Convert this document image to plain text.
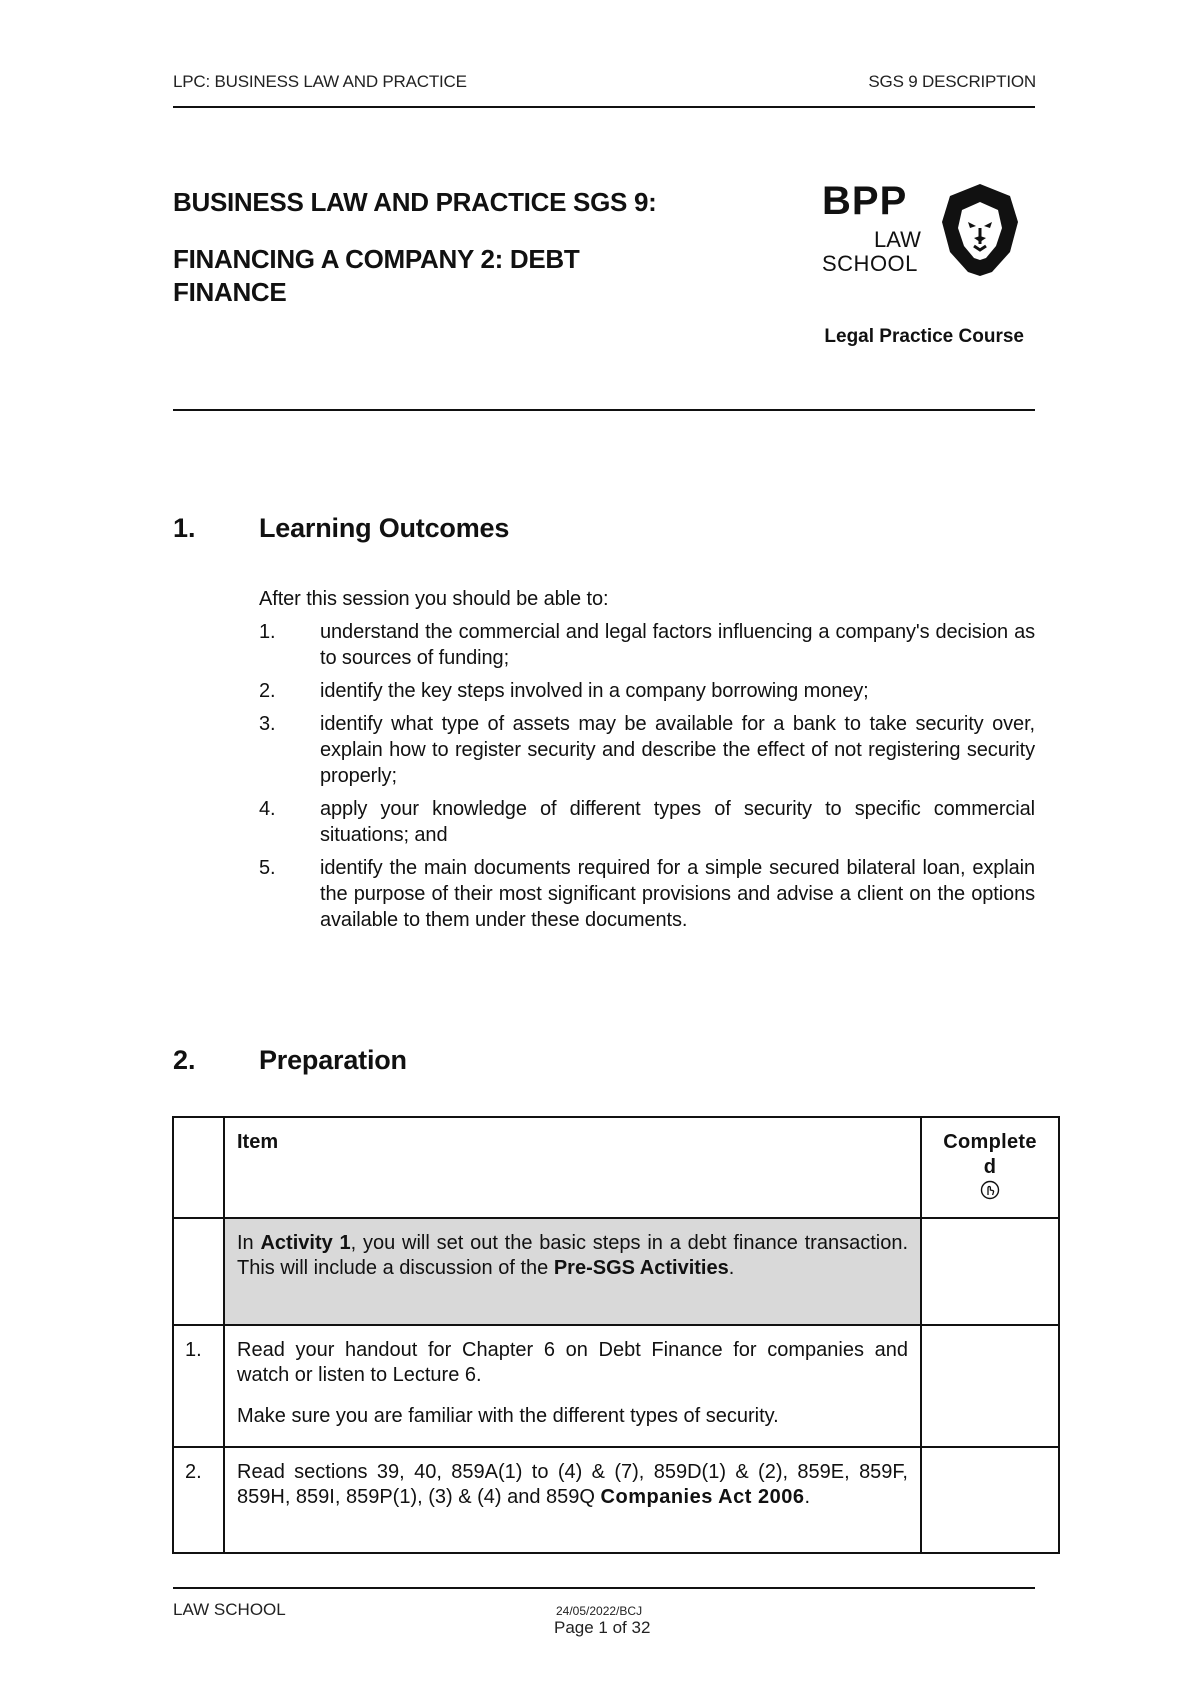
LPC: BUSINESS LAW AND PRACTICE	SGS 9 DESCRIPTION
BUSINESS LAW AND PRACTICE SGS 9:
FINANCING A COMPANY 2: DEBT
FINANCE
BPP
LAW
SCHOOL
Legal Practice Course
1. Learning Outcomes
After this session you should be able to:
1.	understand the commercial and legal factors influencing a company's decision as to sources of funding;
2.	identify the key steps involved in a company borrowing money;
3.	identify what type of assets may be available for a bank to take security over, explain how to register security and describe the effect of not registering security properly;
4.	apply your knowledge of different types of security to specific commercial situations; and
5.	identify the main documents required for a simple secured bilateral loan, explain the purpose of their most significant provisions and advise a client on the options available to them under these documents.
2. Preparation
	Item	Complete
d

	In Activity 1, you will set out the basic steps in a debt finance transaction. This will include a discussion of the Pre-SGS Activities.	
1.	Read your handout for Chapter 6 on Debt Finance for companies and watch or listen to Lecture 6.

Make sure you are familiar with the different types of security.	

2.	Read sections 39, 40, 859A(1) to (4) & (7), 859D(1) & (2), 859E, 859F, 859H, 859I, 859P(1), (3) & (4) and 859Q Companies Act 2006.	
LAW SCHOOL	24/05/2022/BCJ
Page 1 of 32
